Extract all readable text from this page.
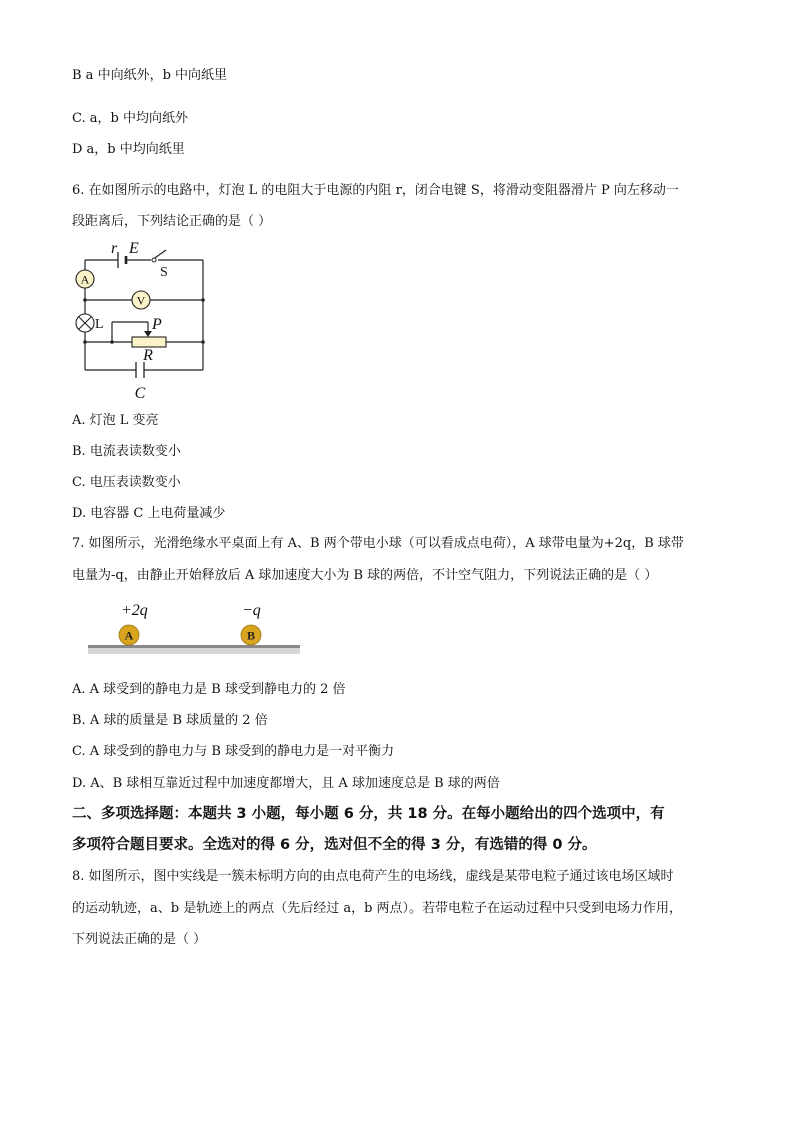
B a 中向纸外，b 中向纸里
C. a，b 中均向纸外
D a，b 中均向纸里
6. 在如图所示的电路中，灯泡 L 的电阻大于电源的内阻 r，闭合电键 S，将滑动变阻器滑片 P 向左移动一
段距离后，下列结论正确的是（ ）
A
V
r E
P
R
C
S
L
A. 灯泡 L 变亮
B. 电流表读数变小
C. 电压表读数变小
D. 电容器 C 上电荷量减少
7. 如图所示，光滑绝缘水平桌面上有 A、B 两个带电小球（可以看成点电荷），A 球带电量为+2q，B 球带
电量为-q，由静止开始释放后 A 球加速度大小为 B 球的两倍，不计空气阻力，下列说法正确的是（ ）
A	B
+2q	−q
A. A 球受到的静电力是 B 球受到静电力的 2 倍
B. A 球的质量是 B 球质量的 2 倍
C. A 球受到的静电力与 B 球受到的静电力是一对平衡力
D. A、B 球相互靠近过程中加速度都增大，且 A 球加速度总是 B 球的两倍
二、多项选择题：本题共 3 小题，每小题 6 分，共 18 分。在每小题给出的四个选项中，有
多项符合题目要求。全选对的得 6 分，选对但不全的得 3 分，有选错的得 0 分。
8. 如图所示，图中实线是一簇未标明方向的由点电荷产生的电场线，虚线是某带电粒子通过该电场区域时
的运动轨迹，a、b 是轨迹上的两点（先后经过 a，b 两点）。若带电粒子在运动过程中只受到电场力作用，
下列说法正确的是（ ）
